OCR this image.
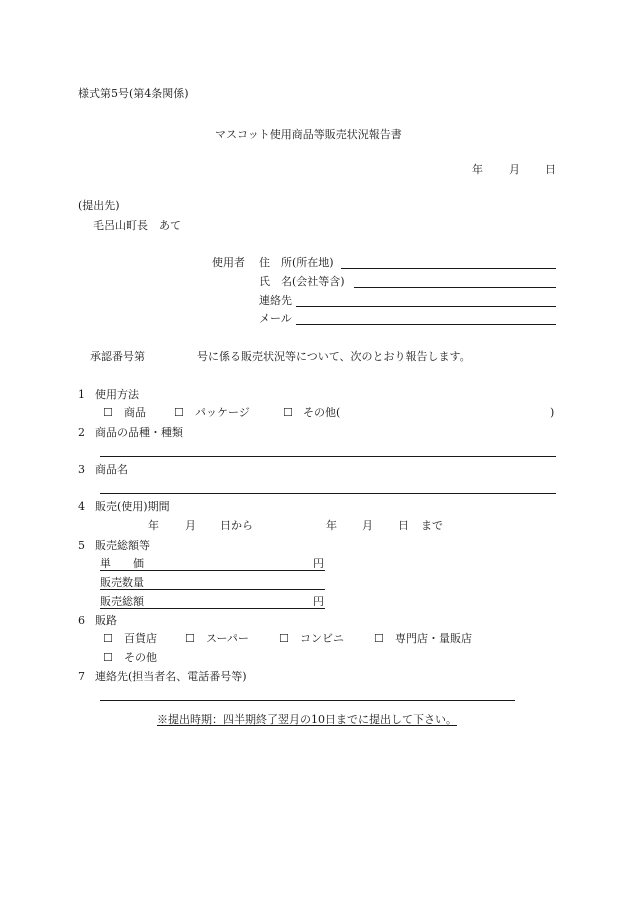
様式第5号(第4条関係)
マスコット使用商品等販売状況報告書
年 月 日
(提出先)
毛呂山町長　あて
使用者 住　所(所在地)
氏　名(会社等含)
連絡先
メール
承認番号第	号に係る販売状況等について、次のとおり報告します。
1 使用方法
☐ 商品	☐ パッケージ	☐ その他(	)
2 商品の品種・種類
3 商品名
4 販売(使用)期間
年 月 日から	年 月 日 まで
5 販売総額等
単　　価	円
販売数量
販売総額	円
6 販路
☐ 百貨店	☐ スーパー	☐ コンビニ	☐ 専門店・量販店
☐ その他
7 連絡先(担当者名、電話番号等)
※提出時期：四半期終了翌月の10日までに提出して下さい。
